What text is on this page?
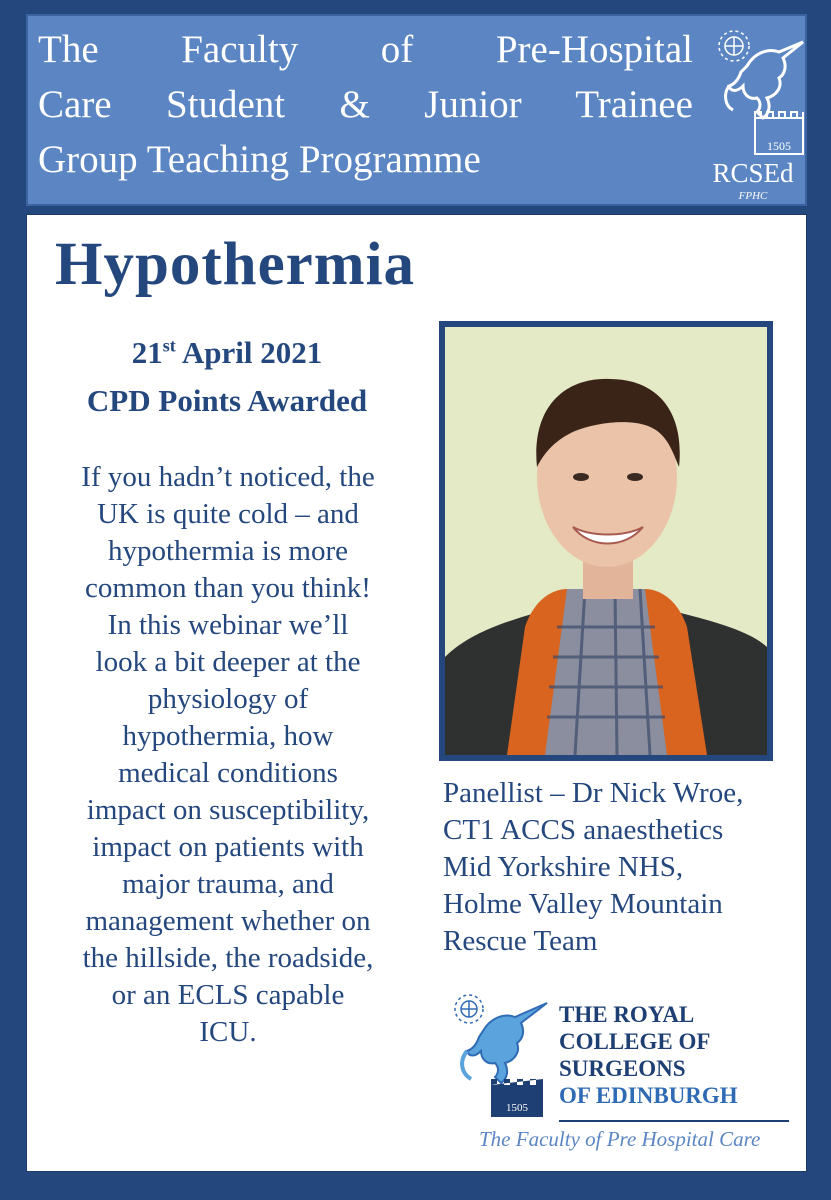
The Faculty of Pre-Hospital
Care Student & Junior Trainee
Group Teaching Programme	1505
RCSEd
FPHC
Hypothermia
21st April 2021
CPD Points Awarded
If you hadn’t noticed, the
UK is quite cold – and
hypothermia is more
common than you think!
In this webinar we’ll
look a bit deeper at the
physiology of
hypothermia, how
medical conditions
impact on susceptibility,
impact on patients with
major trauma, and
management whether on
the hillside, the roadside,
or an ECLS capable
ICU.
Panellist – Dr Nick Wroe,
CT1 ACCS anaesthetics
Mid Yorkshire NHS,
Holme Valley Mountain
Rescue Team
1505
THE ROYAL
COLLEGE OF
SURGEONS
OF EDINBURGH
The Faculty of Pre Hospital Care
